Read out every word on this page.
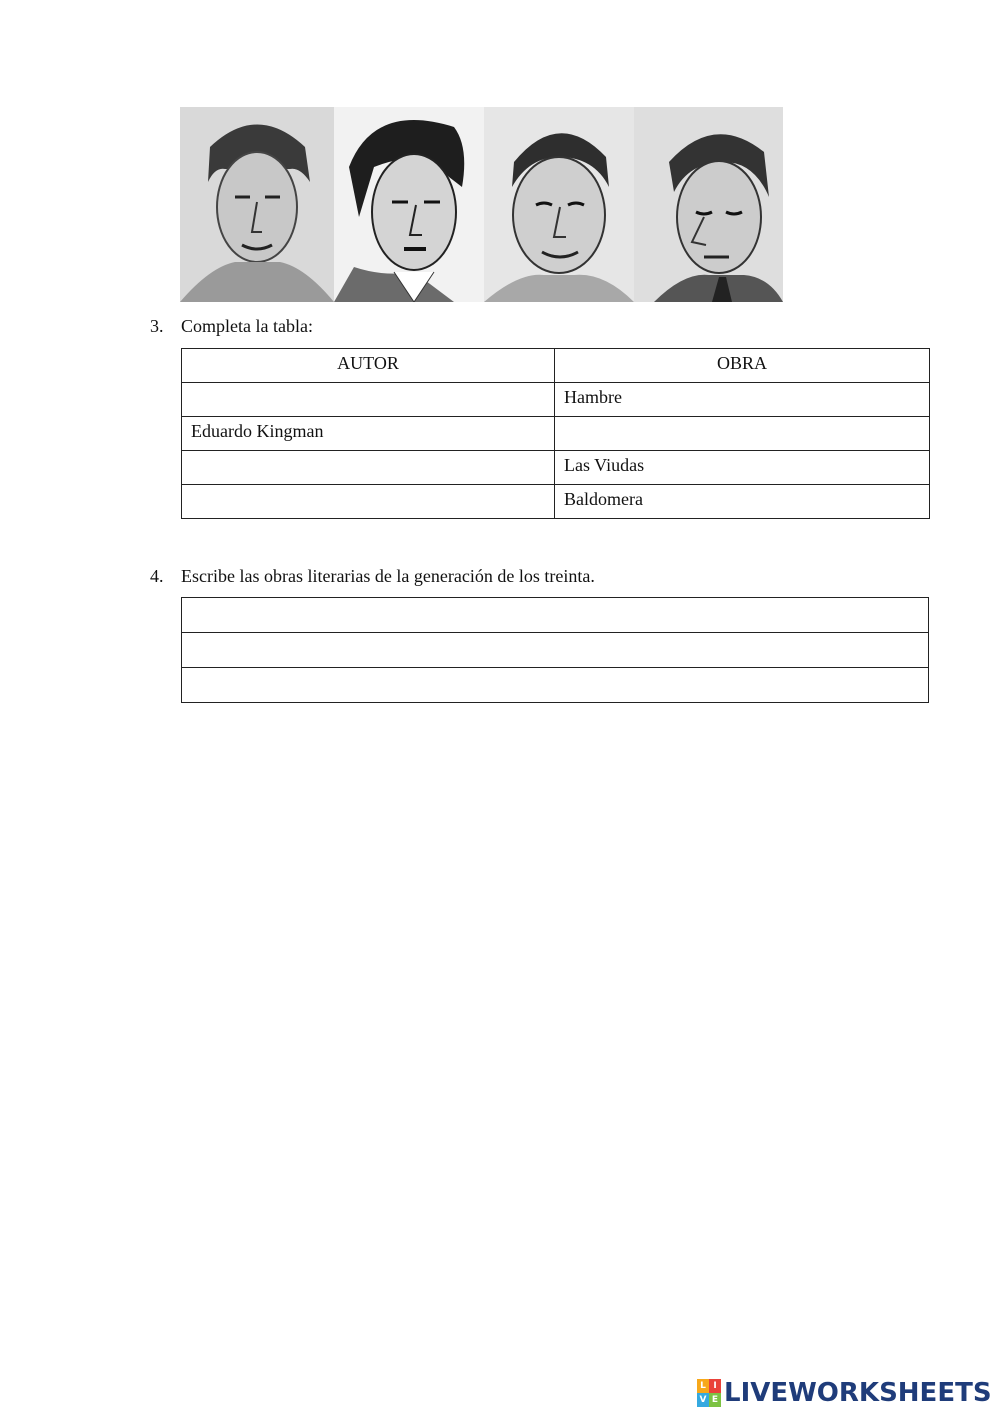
3. Completa la tabla:
AUTOR	OBRA
	Hambre
Eduardo Kingman	
	Las Viudas
	Baldomera
4. Escribe las obras literarias de la generación de los treinta.

L I
V E LIVEWORKSHEETS
